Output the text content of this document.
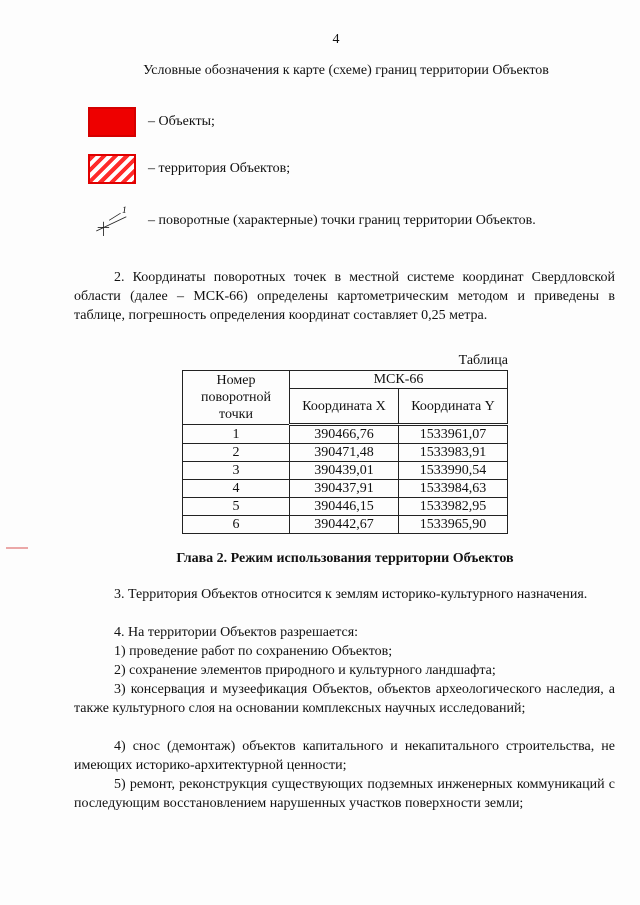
4
Условные обозначения к карте (схеме) границ территории Объектов
– Объекты;
– территория Объектов;
1
– поворотные (характерные) точки границ территории Объектов.
2. Координаты поворотных точек в местной системе координат Свердловской области (далее – МСК-66) определены картометрическим методом и приведены в таблице, погрешность определения координат составляет 0,25 метра.
Таблица
Номер поворотной точки	МСК-66	
	Координата X	Координата Y
1	390466,76	1533961,07
2	390471,48	1533983,91
3	390439,01	1533990,54
4	390437,91	1533984,63
5	390446,15	1533982,95
6	390442,67	1533965,90
Глава 2. Режим использования территории Объектов
3. Территория Объектов относится к землям историко-культурного назначения.
4. На территории Объектов разрешается:
1) проведение работ по сохранению Объектов;
2) сохранение элементов природного и культурного ландшафта;
3) консервация и музеефикация Объектов, объектов археологического наследия, а также культурного слоя на основании комплексных научных исследований;
4) снос (демонтаж) объектов капитального и некапитального строительства, не имеющих историко-архитектурной ценности;
5) ремонт, реконструкция существующих подземных инженерных коммуникаций с последующим восстановлением нарушенных участков поверхности земли;
